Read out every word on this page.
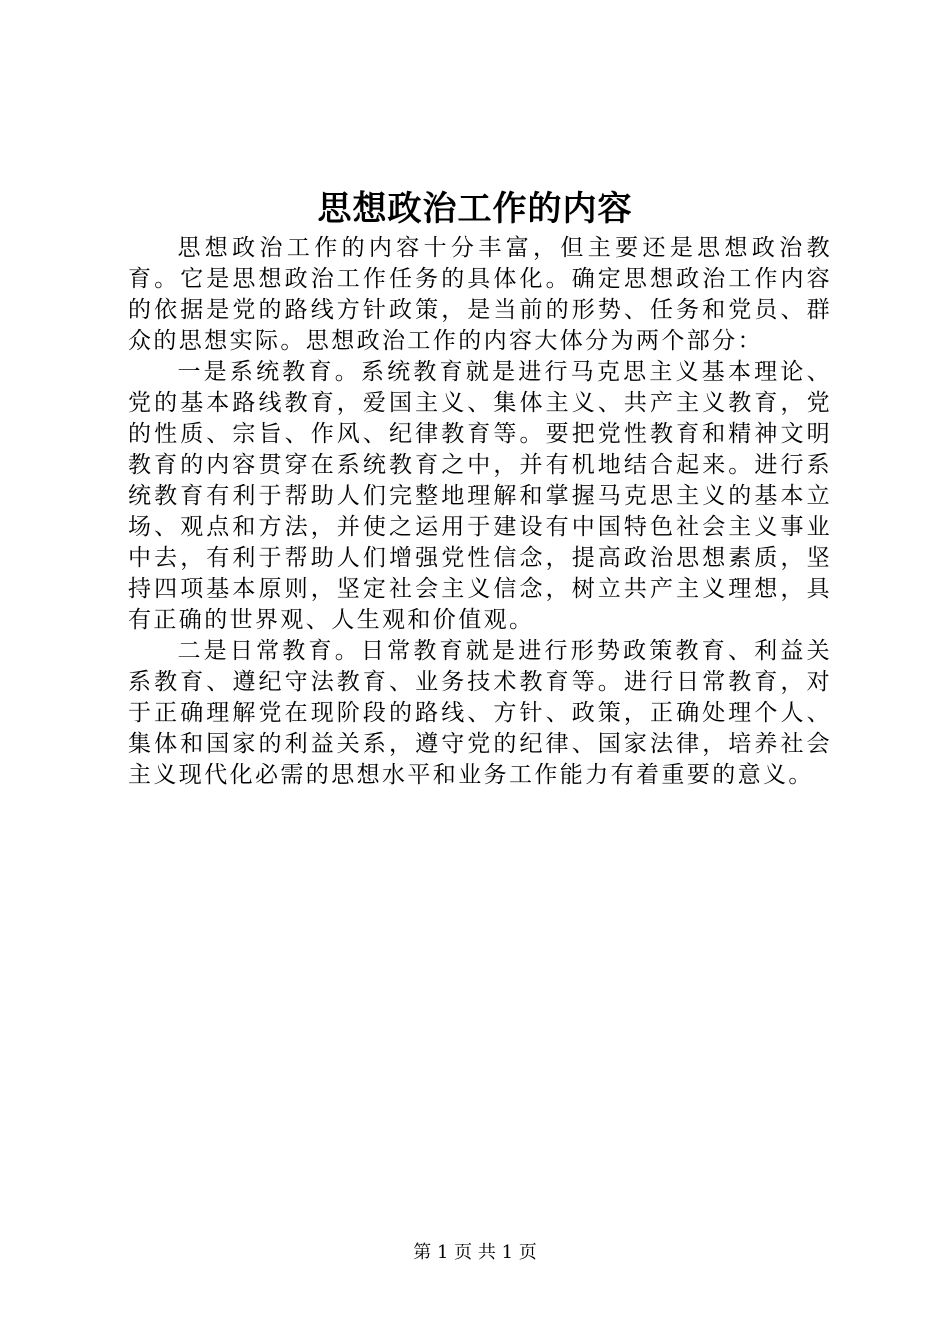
思想政治工作的内容

思想政治工作的内容十分丰富，但主要还是思想政治教育。它是思想政治工作任务的具体化。确定思想政治工作内容的依据是党的路线方针政策，是当前的形势、任务和党员、群众的思想实际。思想政治工作的内容大体分为两个部分：

一是系统教育。系统教育就是进行马克思主义基本理论、党的基本路线教育，爱国主义、集体主义、共产主义教育，党的性质、宗旨、作风、纪律教育等。要把党性教育和精神文明教育的内容贯穿在系统教育之中，并有机地结合起来。进行系统教育有利于帮助人们完整地理解和掌握马克思主义的基本立场、观点和方法，并使之运用于建设有中国特色社会主义事业中去，有利于帮助人们增强党性信念，提高政治思想素质，坚持四项基本原则，坚定社会主义信念，树立共产主义理想，具有正确的世界观、人生观和价值观。

二是日常教育。日常教育就是进行形势政策教育、利益关系教育、遵纪守法教育、业务技术教育等。进行日常教育，对于正确理解党在现阶段的路线、方针、政策，正确处理个人、集体和国家的利益关系，遵守党的纪律、国家法律，培养社会主义现代化必需的思想水平和业务工作能力有着重要的意义。

第 1 页 共 1 页
